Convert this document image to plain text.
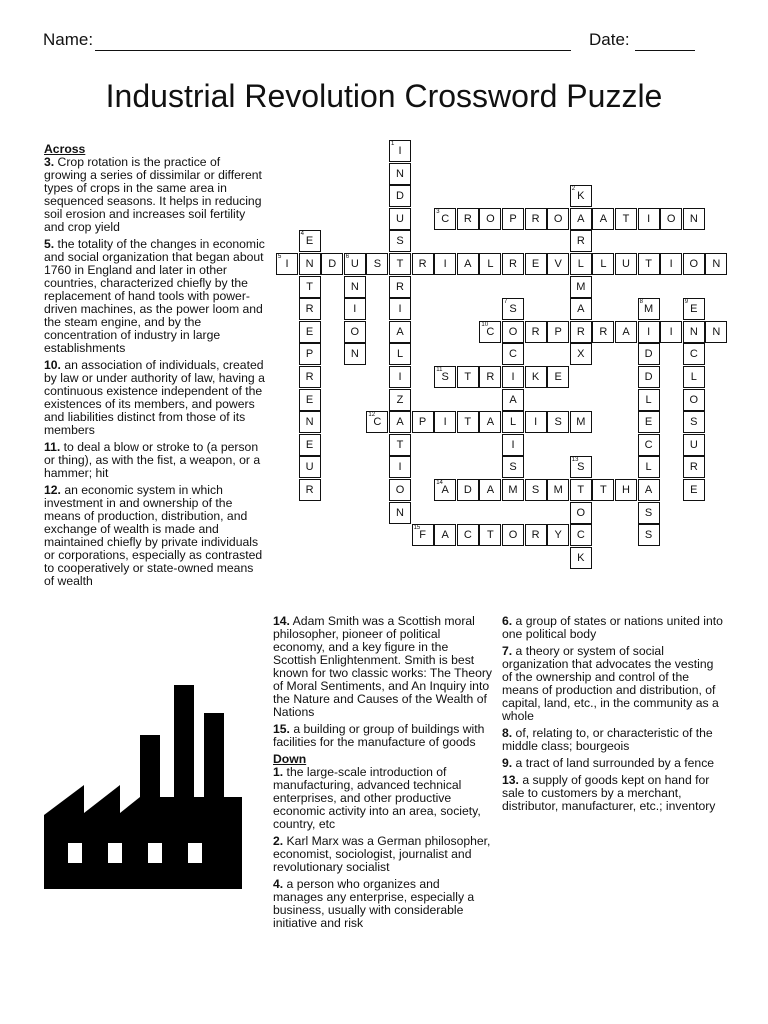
Name:	Date:
Industrial Revolution Crossword Puzzle
I
1
N
D
U
S
T
R
I
A
L
I
Z
A
T
I
O
N
K
2
A
R
L
M
A
R
X
C
3
R O P R O	A T I O N
E
4
N
T
R
E
P
R
E
N
E
U
R
I
5
D U
6
S	R I A L R E V	L U T I O N
N
I
O
N
S
7
O
C
I
A
L
I
S
M
M
8
I
D
D
L
E
C
L
A
S
S
E
9
N
C
L
O
S
U
R
E
C
10
R P	R A	I	N
S
11
T R	K E
C
12
P I T A	I S M
S
13
T
O
C
K
A
14
D A	S M	T H
F
15
A C T O R Y
Across
3. Crop rotation is the practice of growing a series of dissimilar or different types of crops in the same area in sequenced seasons. It helps in reducing soil erosion and increases soil fertility and crop yield
5. the totality of the changes in economic and social organization that began about 1760 in England and later in other countries, characterized chiefly by the replacement of hand tools with power-driven machines, as the power loom and the steam engine, and by the concentration of industry in large establishments
10. an association of individuals, created by law or under authority of law, having a continuous existence independent of the existences of its members, and powers and liabilities distinct from those of its members
11. to deal a blow or stroke to (a person or thing), as with the fist, a weapon, or a hammer; hit
12. an economic system in which investment in and ownership of the means of production, distribution, and exchange of wealth is made and maintained chiefly by private individuals or corporations, especially as contrasted to cooperatively or state-owned means of wealth
14. Adam Smith was a Scottish moral philosopher, pioneer of political economy, and a key figure in the Scottish Enlightenment. Smith is best known for two classic works: The Theory of Moral Sentiments, and An Inquiry into the Nature and Causes of the Wealth of Nations
15. a building or group of buildings with facilities for the manufacture of goods
Down
1. the large-scale introduction of manufacturing, advanced technical enterprises, and other productive economic activity into an area, society, country, etc
2. Karl Marx was a German philosopher, economist, sociologist, journalist and revolutionary socialist
4. a person who organizes and manages any enterprise, especially a business, usually with considerable initiative and risk
6. a group of states or nations united into one political body
7. a theory or system of social organization that advocates the vesting of the ownership and control of the means of production and distribution, of capital, land, etc., in the community as a whole
8. of, relating to, or characteristic of the middle class; bourgeois
9. a tract of land surrounded by a fence
13. a supply of goods kept on hand for sale to customers by a merchant, distributor, manufacturer, etc.; inventory
